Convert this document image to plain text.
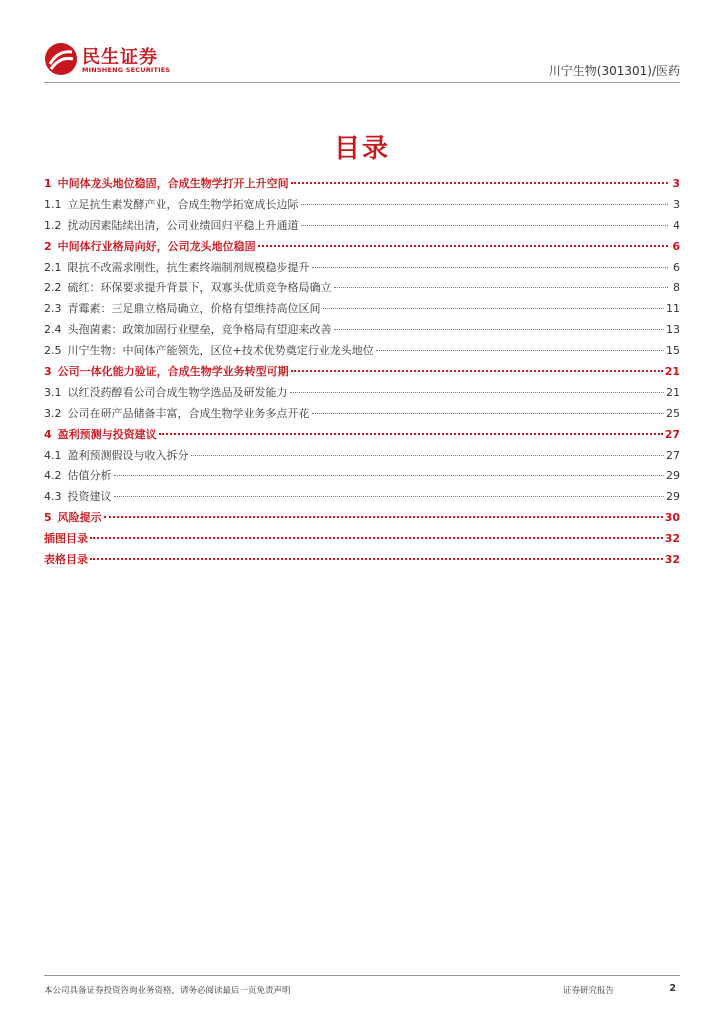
民生证券
MINSHENG SECURITIES	川宁生物(301301)/医药
目录
1 中间体龙头地位稳固，合成生物学打开上升空间	3
1.1 立足抗生素发酵产业，合成生物学拓宽成长边际	3
1.2 扰动因素陆续出清，公司业绩回归平稳上升通道	4
2 中间体行业格局向好，公司龙头地位稳固	6
2.1 限抗不改需求刚性，抗生素终端制剂规模稳步提升	6
2.2 硫红：环保要求提升背景下，双寡头优质竞争格局确立	8
2.3 青霉素：三足鼎立格局确立，价格有望维持高位区间	11
2.4 头孢菌素：政策加固行业壁垒，竞争格局有望迎来改善	13
2.5 川宁生物：中间体产能领先，区位+技术优势奠定行业龙头地位	15
3 公司一体化能力验证，合成生物学业务转型可期	21
3.1 以红没药醇看公司合成生物学选品及研发能力	21
3.2 公司在研产品储备丰富，合成生物学业务多点开花	25
4 盈利预测与投资建议	27
4.1 盈利预测假设与收入拆分	27
4.2 估值分析	29
4.3 投资建议	29
5 风险提示	30
插图目录	32
表格目录	32
本公司具备证券投资咨询业务资格，请务必阅读最后一页免责声明	证券研究报告	2
